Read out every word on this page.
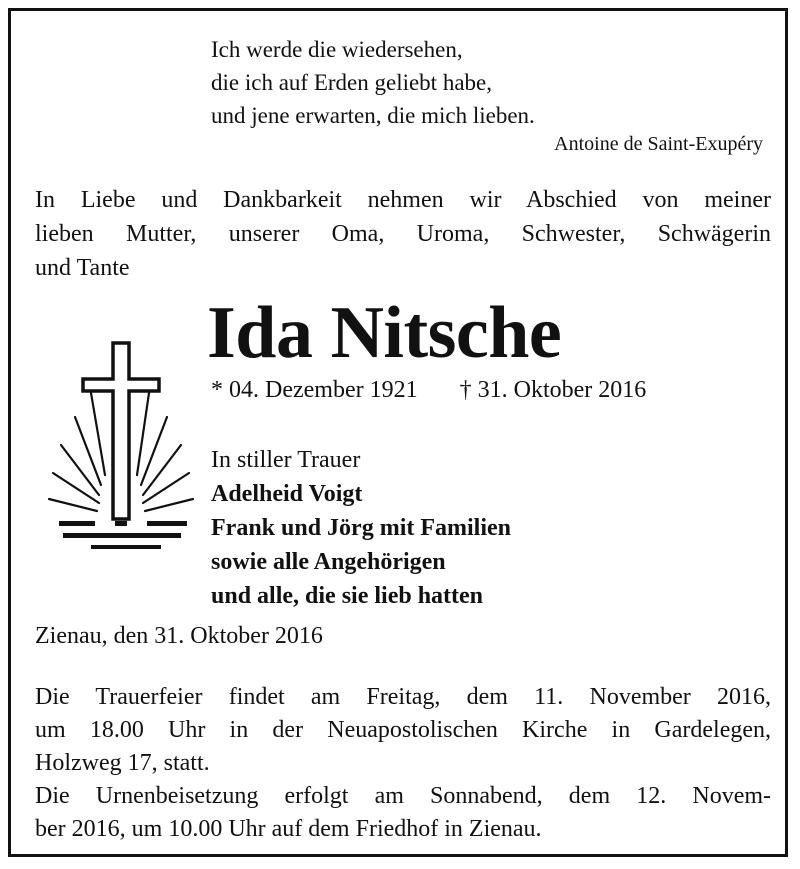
Ich werde die wiedersehen,
die ich auf Erden geliebt habe,
und jene erwarten, die mich lieben.
Antoine de Saint-Exupéry
In Liebe und Dankbarkeit nehmen wir Abschied von meiner
lieben Mutter, unserer Oma, Uroma, Schwester, Schwägerin
und Tante
Ida Nitsche
* 04. Dezember 1921 † 31. Oktober 2016
In stiller Trauer
Adelheid Voigt
Frank und Jörg mit Familien
sowie alle Angehörigen
und alle, die sie lieb hatten
Zienau, den 31. Oktober 2016
Die Trauerfeier findet am Freitag, dem 11. November 2016,
um 18.00 Uhr in der Neuapostolischen Kirche in Gardelegen,
Holzweg 17, statt.
Die Urnenbeisetzung erfolgt am Sonnabend, dem 12. Novem-
ber 2016, um 10.00 Uhr auf dem Friedhof in Zienau.
